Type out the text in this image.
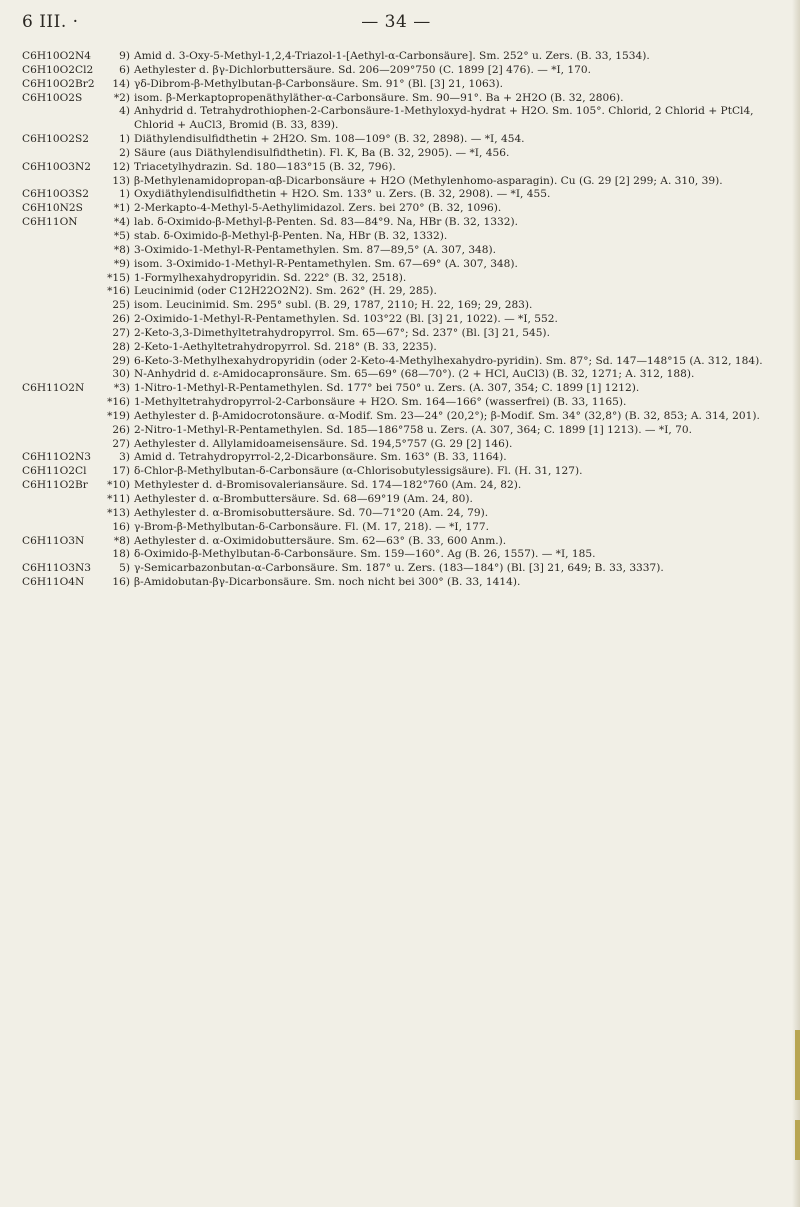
6 III. ·	— 34 —
C6H10O2N4	9) Amid d. 3-Oxy-5-Methyl-1,2,4-Triazol-1-[Aethyl-α-Carbonsäure]. Sm. 252° u. Zers. (B. 33, 1534).
C6H10O2Cl2	6) Aethylester d. βγ-Dichlorbuttersäure. Sd. 206—209°750 (C. 1899 [2] 476). — *I, 170.
C6H10O2Br2	14) γδ-Dibrom-β-Methylbutan-β-Carbonsäure. Sm. 91° (Bl. [3] 21, 1063).
C6H10O2S	*2) isom. β-Merkaptopropenäthyläther-α-Carbonsäure. Sm. 90—91°. Ba + 2H2O (B. 32, 2806).
4) Anhydrid d. Tetrahydrothiophen-2-Carbonsäure-1-Methyloxyd-hydrat + H2O. Sm. 105°. Chlorid, 2 Chlorid + PtCl4, Chlorid + AuCl3, Bromid (B. 33, 839).
C6H10O2S2	1) Diäthylendisulfidthetin + 2H2O. Sm. 108—109° (B. 32, 2898). — *I, 454.
2) Säure (aus Diäthylendisulfidthetin). Fl. K, Ba (B. 32, 2905). — *I, 456.
C6H10O3N2	12) Triacetylhydrazin. Sd. 180—183°15 (B. 32, 796).
13) β-Methylenamidopropan-αβ-Dicarbonsäure + H2O (Methylenhomo-asparagin). Cu (G. 29 [2] 299; A. 310, 39).
C6H10O3S2	1) Oxydiäthylendisulfidthetin + H2O. Sm. 133° u. Zers. (B. 32, 2908). — *I, 455.
C6H10N2S	*1) 2-Merkapto-4-Methyl-5-Aethylimidazol. Zers. bei 270° (B. 32, 1096).
C6H11ON	*4) lab. δ-Oximido-β-Methyl-β-Penten. Sd. 83—84°9. Na, HBr (B. 32, 1332).
*5) stab. δ-Oximido-β-Methyl-β-Penten. Na, HBr (B. 32, 1332).
*8) 3-Oximido-1-Methyl-R-Pentamethylen. Sm. 87—89,5° (A. 307, 348).
*9) isom. 3-Oximido-1-Methyl-R-Pentamethylen. Sm. 67—69° (A. 307, 348).
*15) 1-Formylhexahydropyridin. Sd. 222° (B. 32, 2518).
*16) Leucinimid (oder C12H22O2N2). Sm. 262° (H. 29, 285).
25) isom. Leucinimid. Sm. 295° subl. (B. 29, 1787, 2110; H. 22, 169; 29, 283).
26) 2-Oximido-1-Methyl-R-Pentamethylen. Sd. 103°22 (Bl. [3] 21, 1022). — *I, 552.
27) 2-Keto-3,3-Dimethyltetrahydropyrrol. Sm. 65—67°; Sd. 237° (Bl. [3] 21, 545).
28) 2-Keto-1-Aethyltetrahydropyrrol. Sd. 218° (B. 33, 2235).
29) 6-Keto-3-Methylhexahydropyridin (oder 2-Keto-4-Methylhexahydro-pyridin). Sm. 87°; Sd. 147—148°15 (A. 312, 184).
30) N-Anhydrid d. ε-Amidocapronsäure. Sm. 65—69° (68—70°). (2 + HCl, AuCl3) (B. 32, 1271; A. 312, 188).
C6H11O2N	*3) 1-Nitro-1-Methyl-R-Pentamethylen. Sd. 177° bei 750° u. Zers. (A. 307, 354; C. 1899 [1] 1212).
*16) 1-Methyltetrahydropyrrol-2-Carbonsäure + H2O. Sm. 164—166° (wasserfrei) (B. 33, 1165).
*19) Aethylester d. β-Amidocrotonsäure. α-Modif. Sm. 23—24° (20,2°); β-Modif. Sm. 34° (32,8°) (B. 32, 853; A. 314, 201).
26) 2-Nitro-1-Methyl-R-Pentamethylen. Sd. 185—186°758 u. Zers. (A. 307, 364; C. 1899 [1] 1213). — *I, 70.
27) Aethylester d. Allylamidoameisensäure. Sd. 194,5°757 (G. 29 [2] 146).
C6H11O2N3	3) Amid d. Tetrahydropyrrol-2,2-Dicarbonsäure. Sm. 163° (B. 33, 1164).
C6H11O2Cl	17) δ-Chlor-β-Methylbutan-δ-Carbonsäure (α-Chlorisobutylessigsäure). Fl. (H. 31, 127).
C6H11O2Br	*10) Methylester d. d-Bromisovaleriansäure. Sd. 174—182°760 (Am. 24, 82).
*11) Aethylester d. α-Brombuttersäure. Sd. 68—69°19 (Am. 24, 80).
*13) Aethylester d. α-Bromisobuttersäure. Sd. 70—71°20 (Am. 24, 79).
16) γ-Brom-β-Methylbutan-δ-Carbonsäure. Fl. (M. 17, 218). — *I, 177.
C6H11O3N	*8) Aethylester d. α-Oximidobuttersäure. Sm. 62—63° (B. 33, 600 Anm.).
18) δ-Oximido-β-Methylbutan-δ-Carbonsäure. Sm. 159—160°. Ag (B. 26, 1557). — *I, 185.
C6H11O3N3	5) γ-Semicarbazonbutan-α-Carbonsäure. Sm. 187° u. Zers. (183—184°) (Bl. [3] 21, 649; B. 33, 3337).
C6H11O4N	16) β-Amidobutan-βγ-Dicarbonsäure. Sm. noch nicht bei 300° (B. 33, 1414).
